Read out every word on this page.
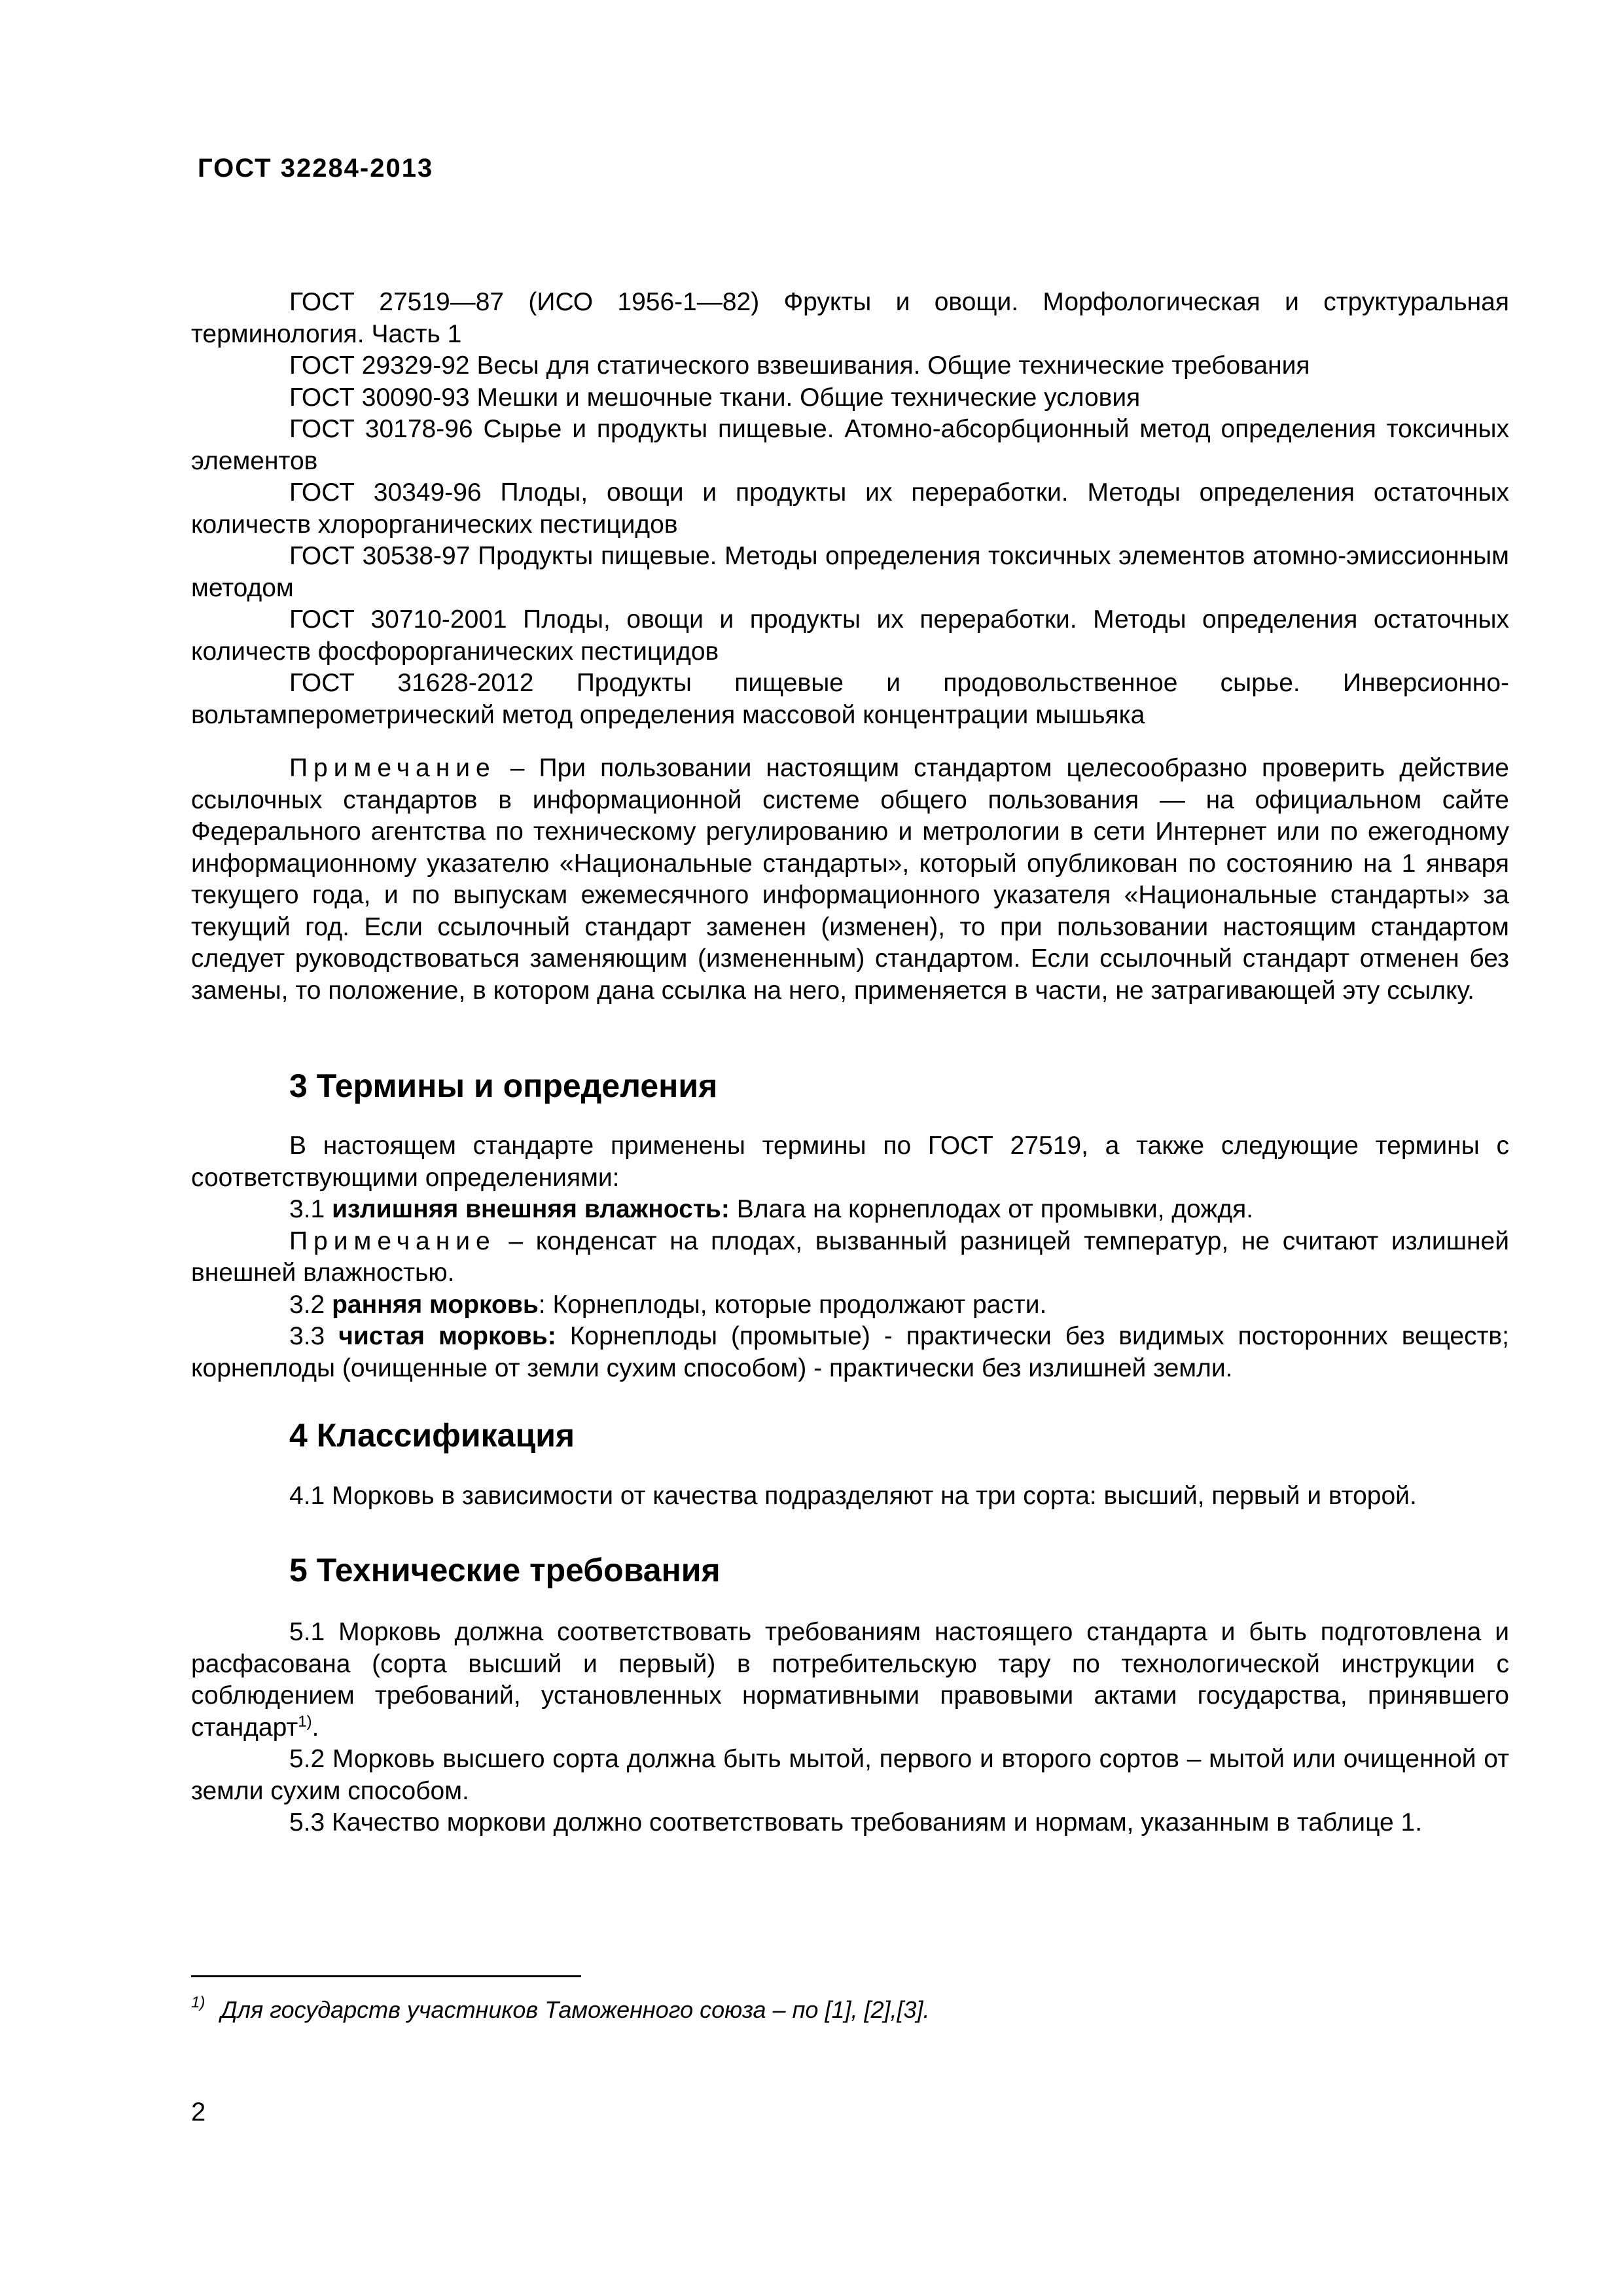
ГОСТ 32284-2013

ГОСТ 27519—87 (ИСО 1956-1—82) Фрукты и овощи. Морфологическая и структуральная терминология. Часть 1

ГОСТ 29329-92 Весы для статического взвешивания. Общие технические требования

ГОСТ 30090-93 Мешки и мешочные ткани. Общие технические условия

ГОСТ 30178-96 Сырье и продукты пищевые. Атомно-абсорбционный метод определения токсичных элементов

ГОСТ 30349-96 Плоды, овощи и продукты их переработки. Методы определения остаточных количеств хлорорганических пестицидов

ГОСТ 30538-97 Продукты пищевые. Методы определения токсичных элементов атомно-эмиссионным методом

ГОСТ 30710-2001 Плоды, овощи и продукты их переработки. Методы определения остаточных количеств фосфорорганических пестицидов

ГОСТ 31628-2012 Продукты пищевые и продовольственное сырье. Инверсионно-вольтамперометрический метод определения массовой концентрации мышьяка

Примечание – При пользовании настоящим стандартом целесообразно проверить действие ссылочных стандартов в информационной системе общего пользования — на официальном сайте Федерального агентства по техническому регулированию и метрологии в сети Интернет или по ежегодному информационному указателю «Национальные стандарты», который опубликован по состоянию на 1 января текущего года, и по выпускам ежемесячного информационного указателя «Национальные стандарты» за текущий год. Если ссылочный стандарт заменен (изменен), то при пользовании настоящим стандартом следует руководствоваться заменяющим (измененным) стандартом. Если ссылочный стандарт отменен без замены, то положение, в котором дана ссылка на него, применяется в части, не затрагивающей эту ссылку.

3 Термины и определения

В настоящем стандарте применены термины по ГОСТ 27519, а также следующие термины с соответствующими определениями:

3.1 излишняя внешняя влажность: Влага на корнеплодах от промывки, дождя.

Примечание – конденсат на плодах, вызванный разницей температур, не считают излишней внешней влажностью.

3.2 ранняя морковь: Корнеплоды, которые продолжают расти.

3.3 чистая морковь: Корнеплоды (промытые) - практически без видимых посторонних веществ; корнеплоды (очищенные от земли сухим способом) - практически без излишней земли.

4 Классификация

4.1 Морковь в зависимости от качества подразделяют на три сорта: высший, первый и второй.

5 Технические требования

5.1 Морковь должна соответствовать требованиям настоящего стандарта и быть подготовлена и расфасована (сорта высший и первый) в потребительскую тару по технологической инструкции с соблюдением требований, установленных нормативными правовыми актами государства, принявшего стандарт$^{1)}$.

5.2 Морковь высшего сорта должна быть мытой, первого и второго сортов – мытой или очищенной от земли сухим способом.

5.3 Качество моркови должно соответствовать требованиям и нормам, указанным в таблице 1.

$^{1)}$ Для государств участников Таможенного союза – по [1], [2],[3].
2
